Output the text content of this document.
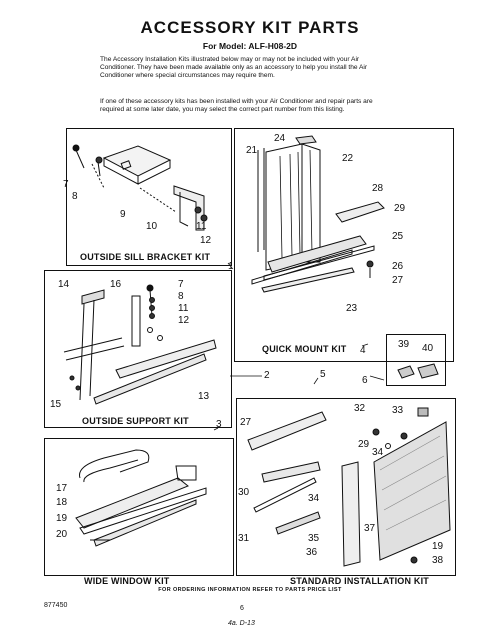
ACCESSORY KIT PARTS
For Model: ALF-H08-2D
The Accessory Installation Kits illustrated below may or may not be included with your Air Conditioner. They have been made available only as an accessory to help you install the Air Conditioner where special circumstances may require them.
If one of these accessory kits has been installed with your Air Conditioner and repair parts are required at some later date, you may select the correct part number from this listing.
7
8
9
10	11
12
24
21
22
28
29
25
26
27
23
14	16	7
8
11
12
15
13
39 40
17
18
19
20
27
32	33
29
34
30
34
31	35
36
37
19
38
1
4
2	6
5
3
OUTSIDE SILL BRACKET KIT
QUICK MOUNT KIT
OUTSIDE SUPPORT KIT
WIDE WINDOW KIT	STANDARD INSTALLATION KIT
FOR ORDERING INFORMATION REFER TO PARTS PRICE LIST
877450	6
4a. D-13
